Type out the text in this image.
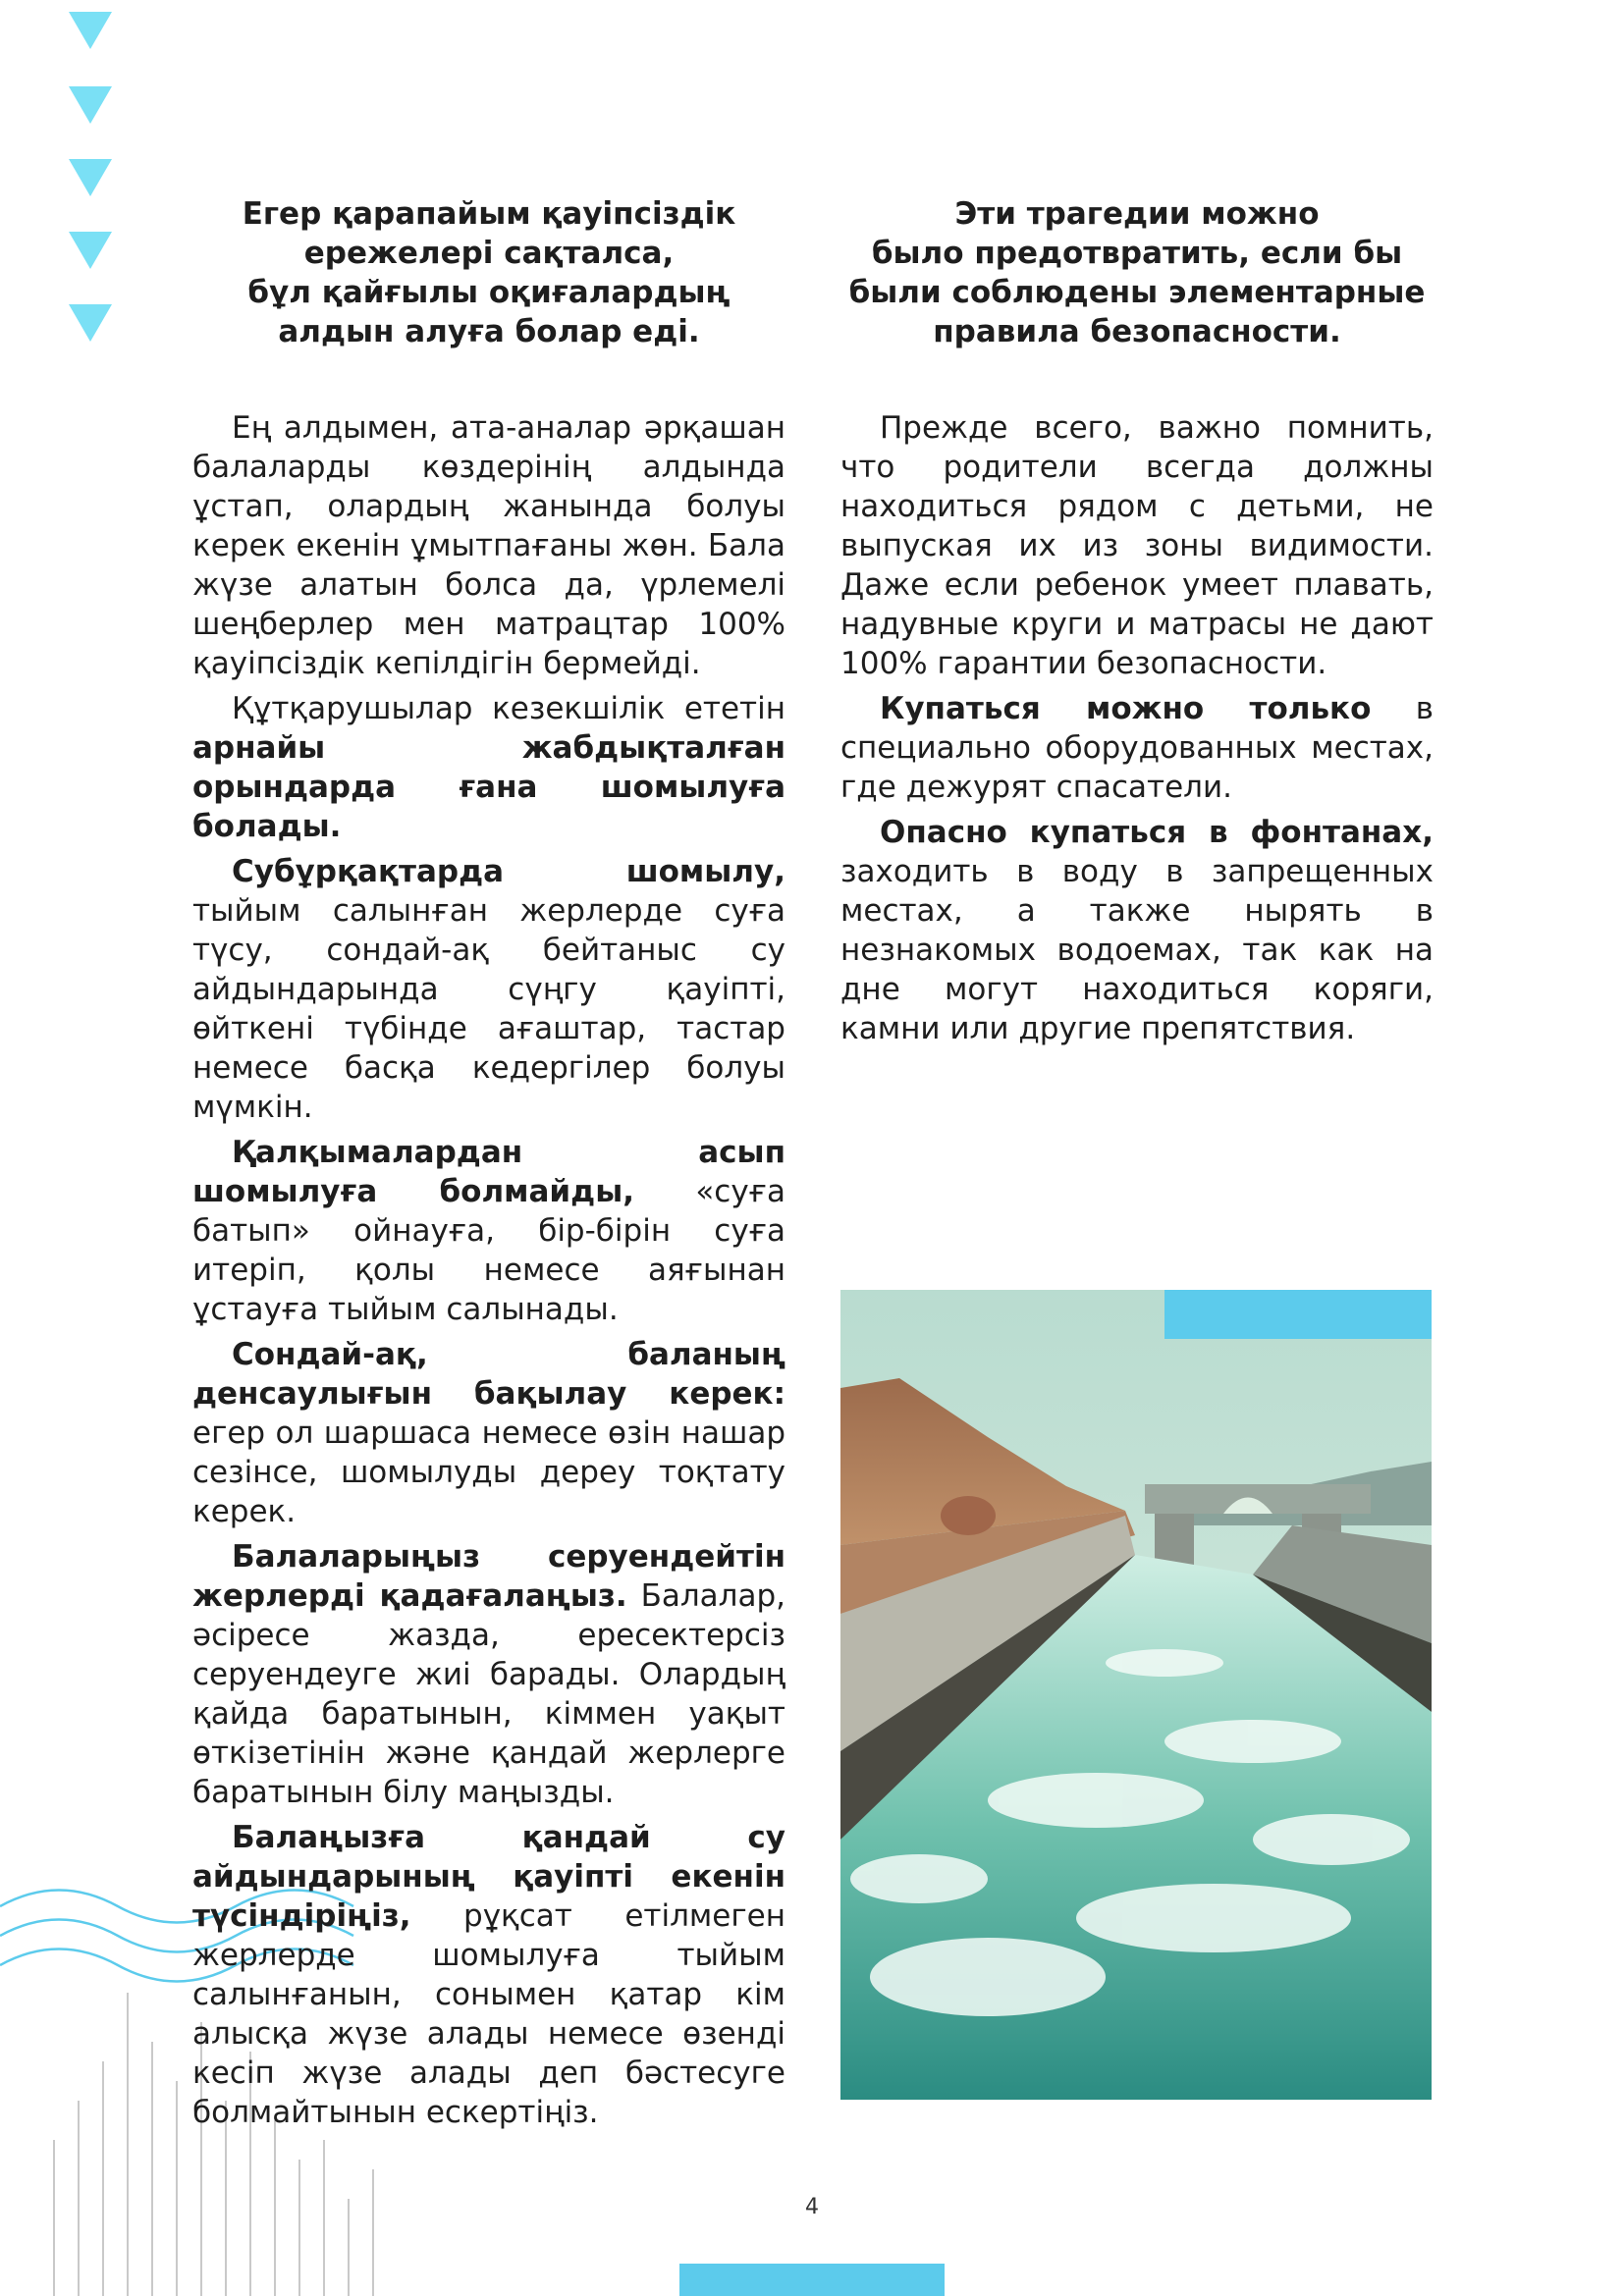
Егер қарапайым қауіпсіздік
ережелері сақталса,
бұл қайғылы оқиғалардың
алдын алуға болар еді.

Ең алдымен, ата-аналар әрқашан балаларды көздерінің алдында ұстап, олардың жанында болуы керек екенін ұмытпағаны жөн. Бала жүзе алатын болса да, үрлемелі шеңберлер мен матрацтар 100% қауіпсіздік кепілдігін бермейді.

Құтқарушылар кезекшілік ететін арнайы жабдықталған орындарда ғана шомылуға болады.

Субұрқақтарда шомылу, тыйым салынған жерлерде суға түсу, сондай-ақ бейтаныс су айдындарында сүңгу қауіпті, өйткені түбінде ағаштар, тастар немесе басқа кедергілер болуы мүмкін.

Қалқымалардан асып шомылуға болмайды, «суға батып» ойнауға, бір-бірін суға итеріп, қолы немесе аяғынан ұстауға тыйым салынады.

Сондай-ақ, баланың денсаулығын бақылау керек: егер ол шаршаса немесе өзін нашар сезінсе, шомылуды дереу тоқтату керек.

Балаларыңыз серуендейтін жерлерді қадағалаңыз. Балалар, әсіресе жазда, ересектерсіз серуендеуге жиі барады. Олардың қайда баратынын, кіммен уақыт өткізетінін және қандай жерлерге баратынын білу маңызды.

Балаңызға қандай су айдындарының қауіпті екенін түсіндіріңіз, рұқсат етілмеген жерлерде шомылуға тыйым салынғанын, сонымен қатар кім алысқа жүзе алады немесе өзенді кесіп жүзе алады деп бәстесуге болмайтынын ескертіңіз.

Эти трагедии можно
было предотвратить, если бы
были соблюдены элементарные
правила безопасности.

Прежде всего, важно помнить, что родители всегда должны находиться рядом с детьми, не выпуская их из зоны видимости. Даже если ребенок умеет плавать, надувные круги и матрасы не дают 100% гарантии безопасности.

Купаться можно только в специально оборудованных местах, где дежурят спасатели.

Опасно купаться в фонтанах, заходить в воду в запрещенных местах, а также нырять в незнакомых водоемах, так как на дне могут находиться коряги, камни или другие препятствия.

4
